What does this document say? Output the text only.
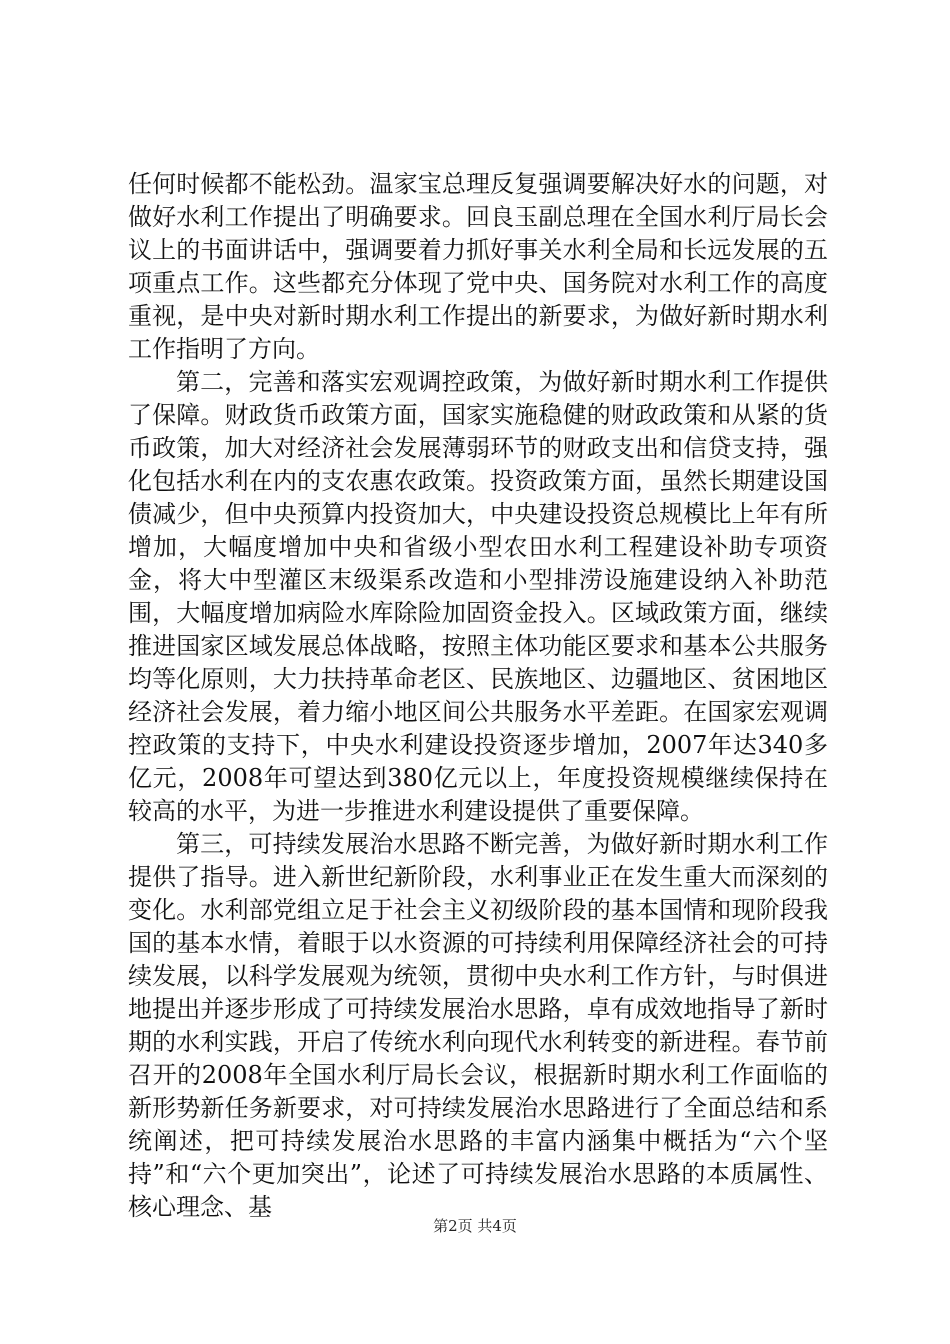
任何时候都不能松劲。温家宝总理反复强调要解决好水的问题，对做好水利工作提出了明确要求。回良玉副总理在全国水利厅局长会议上的书面讲话中，强调要着力抓好事关水利全局和长远发展的五项重点工作。这些都充分体现了党中央、国务院对水利工作的高度重视，是中央对新时期水利工作提出的新要求，为做好新时期水利工作指明了方向。

第二，完善和落实宏观调控政策，为做好新时期水利工作提供了保障。财政货币政策方面，国家实施稳健的财政政策和从紧的货币政策，加大对经济社会发展薄弱环节的财政支出和信贷支持，强化包括水利在内的支农惠农政策。投资政策方面，虽然长期建设国债减少，但中央预算内投资加大，中央建设投资总规模比上年有所增加，大幅度增加中央和省级小型农田水利工程建设补助专项资金，将大中型灌区末级渠系改造和小型排涝设施建设纳入补助范围，大幅度增加病险水库除险加固资金投入。区域政策方面，继续推进国家区域发展总体战略，按照主体功能区要求和基本公共服务均等化原则，大力扶持革命老区、民族地区、边疆地区、贫困地区经济社会发展，着力缩小地区间公共服务水平差距。在国家宏观调控政策的支持下，中央水利建设投资逐步增加，2007年达340多亿元，2008年可望达到380亿元以上，年度投资规模继续保持在较高的水平，为进一步推进水利建设提供了重要保障。

第三，可持续发展治水思路不断完善，为做好新时期水利工作提供了指导。进入新世纪新阶段，水利事业正在发生重大而深刻的变化。水利部党组立足于社会主义初级阶段的基本国情和现阶段我国的基本水情，着眼于以水资源的可持续利用保障经济社会的可持续发展，以科学发展观为统领，贯彻中央水利工作方针，与时俱进地提出并逐步形成了可持续发展治水思路，卓有成效地指导了新时期的水利实践，开启了传统水利向现代水利转变的新进程。春节前召开的2008年全国水利厅局长会议，根据新时期水利工作面临的新形势新任务新要求，对可持续发展治水思路进行了全面总结和系统阐述，把可持续发展治水思路的丰富内涵集中概括为“六个坚持”和“六个更加突出”，论述了可持续发展治水思路的本质属性、核心理念、基

第2页 共4页
